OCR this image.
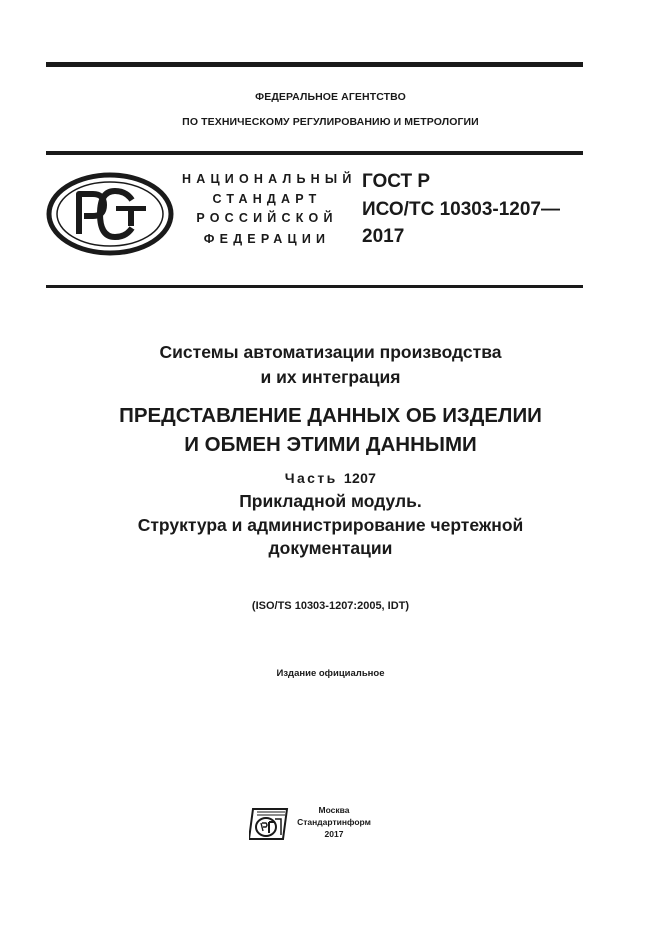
ФЕДЕРАЛЬНОЕ АГЕНТСТВО
ПО ТЕХНИЧЕСКОМУ РЕГУЛИРОВАНИЮ И МЕТРОЛОГИИ
НАЦИОНАЛЬНЫЙ
СТАНДАРТ
РОССИЙСКОЙ
ФЕДЕРАЦИИ
ГОСТ Р
ИСО/ТС 10303-1207—
2017
Системы автоматизации производства
и их интеграция
ПРЕДСТАВЛЕНИЕ ДАННЫХ ОБ ИЗДЕЛИИ
И ОБМЕН ЭТИМИ ДАННЫМИ
Часть 1207
Прикладной модуль.
Структура и администрирование чертежной
документации
(ISO/TS 10303-1207:2005, IDT)
Издание официальное
Москва
Стандартинформ
2017
